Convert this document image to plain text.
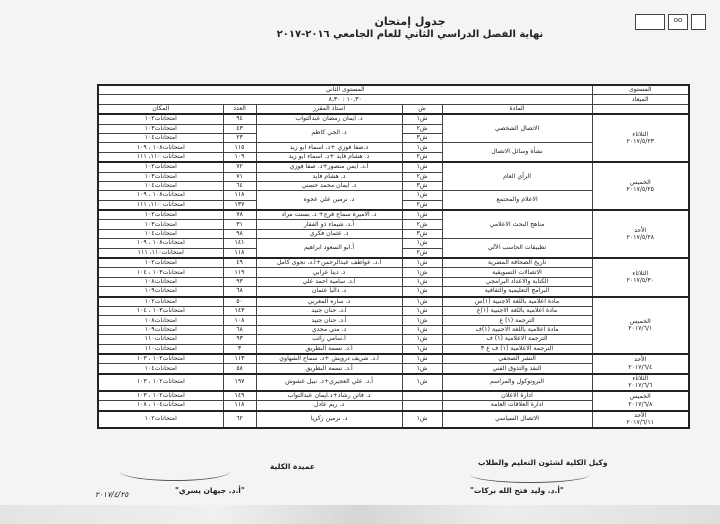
oo
جدول إمتحان
نهاية الفصل الدراسي الثاني للعام الجامعي ٢٠١٦-٢٠١٧
المستوى	المستوى الثاني				
الميعاد	١٠,٣٠ : ٨,٣٠				
	المادة	ش	استاذ المقرر	العدد	المكان

الثلاثاء
٢٠١٧/٥/٢٣	الاتصال الشخصي	ش١	د. ايمان رمضان عبدالتواب	٩٤	امتحانات١٠٢
		ش٢	د. الجي كاظم	٤٣	امتحانات١٠٣
		ش٣		٢٣	امتحانات١٠٤
	نشأة وسائل الاتصال	ش١	د.صفا فوزي +د. اسماء ابو زيد	١١٥	امتحانات١٠٨ ، ١٠٩
		ش٢	د. هشام فايد +د. اسماء ابو زيد	١٠٩	امتحانات ١١٠، ١١١

الخميس
٢٠١٧/٥/٢٥	الرأي العام	ش١	أ.د. ايمن منصور+د. صفا فوزي	٧٢	امتحانات١٠٢
		ش٢	د. هشام فايد	٧١	امتحانات١٠٣
		ش٣	د. ايمان محمد حسني	٦٤	امتحانات١٠٤
	الاعلام والمجتمع	ش١	د. نرمين علي عجوه	١١٨	امتحانات١٠٨ ، ١٠٩
		ش٢		١٣٧	امتحانات ١١٠، ١١١

الأحد
٢٠١٧/٥/٢٨	مناهج البحث الاعلامي	ش١	د. الاميرة سماح فرج+ د. بسنت مراد	٧٨	امتحانات١٠٢
		ش٢	أ.د. شيماء ذو الفقار	٣١	امتحانات١٠٣
		ش٣	د. عثمان فكري	٩٨	امتحانات١٠٤
	تطبيقات الحاسب الآلي	ش١	أ.ابو السعود ابراهيم	١٤١	امتحانات١٠٨ ، ١٠٩
		ش٢		١١٨	امتحانات١١٠، ١١١

الثلاثاء
٢٠١٧/٥/٣٠	تاريخ الصحافة المصرية	ش١	أ.د. عواطف عبدالرحمن+أ.د. نجوى كامل	٤٩	امتحانات١٠٢
	الاتصالات التسويقية	ش١	د. دينا عرابي	١١٩	امتحانات١٠٣ ، ١٠٤
	الكتابة والاعداد البرامجي	ش١	أ.د. سامية احمد علي	٩٣	امتحانات١٠٨
	البرامج التعليمية والثقافية	ش١	د. داليا عثمان	٦٨	امتحانات١٠٩

الخميس
٢٠١٧/٦/١	مادة اعلامية باللغة الاجنبية (١)س	ش١	د. ساره المغربي	٥٠	امتحانات١٠٢
	مادة اعلامية باللغة الاجنبية (١)ع	ش١	أ.د. حنان جنيد	١٤٣	امتحانات١٠٣ ، ١٠٤
	الترجمة (١) ع	ش١	أ.د. حنان جنيد	١٠٨	امتحانات١٠٨
	مادة اعلامية باللغة الاجنبية (١)ف	ش١	د. مني مجدي	٦٨	امتحانات١٠٩
	الترجمة الاعلامية (١) ف	ش١	أ.سامي رائب	٩٣	امتحانات١١٠
	الترجمة الاعلامية (١) ف ع ٣	ش١	أ.د. نسمة البطريق	٣	امتحانات١١٠

الأحد
٢٠١٧/٦/٤	النشر الصحفي	ش١	أ.د. شريف درويش +د. سماح الشهاوي	١١٣	امتحانات١٠٢ ، ١٠٣
	النقد والتذوق الفني	ش١	أ.د. نسمة البطريق	٥٨	امتحانات١٠٤

الثلاثاء
٢٠١٧/٦/٦	البروتوكول والمراسم	ش١	أ.د. علي العجيري+د. نبيل عشوش	١٩٧	امتحانات١٠٢ ، ١٠٣

الخميس
٢٠١٧/٦/٨	ادارة الاعلان		د. فاتن رشاد+د.ايمان عبدالتواب	١٤٩	امتحانات١٠٢ ، ١٠٣
	ادارة العلاقات العامة		د. ريم عادل	١١٨	امتحانات١٠٤ ، ١٠٨

الأحد
٢٠١٧/٦/١١	الاتصال السياسي	ش١	د. نرمين زكريا	٦٢	امتحانات١٠٢
عميدة الكلية
"أ.د. جيهان يسري"
٢٠١٧/٤/٢٥
وكيل الكلية لشئون التعليم والطلاب
"أ.د. وليد فتح الله بركات"
